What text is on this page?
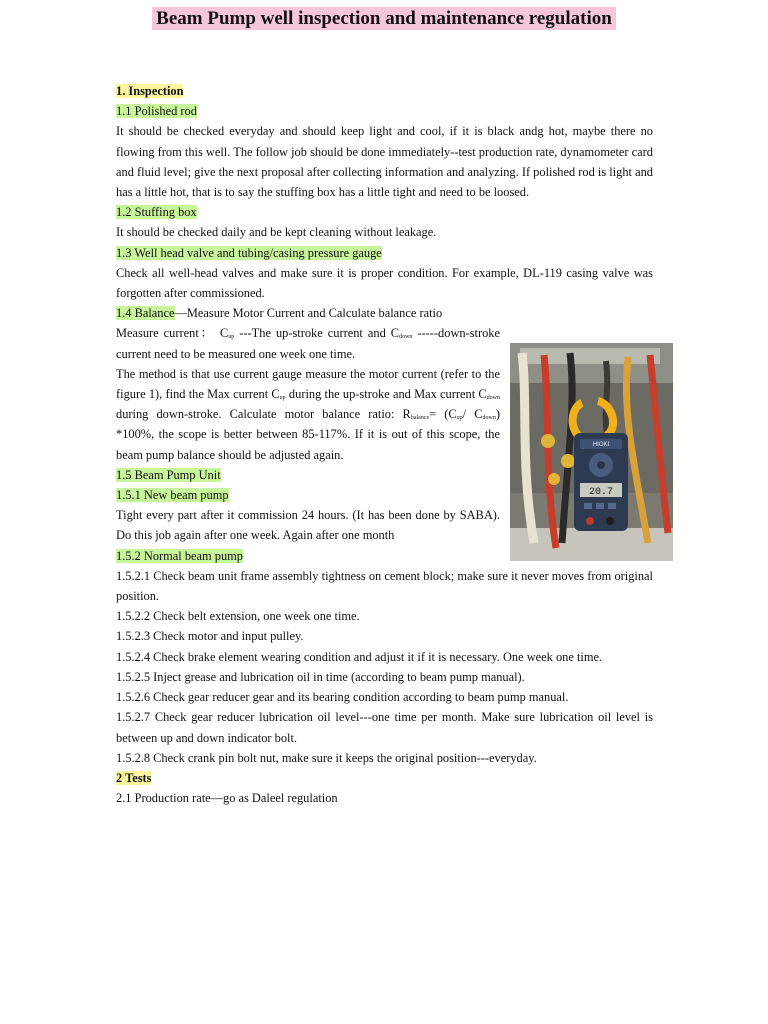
Beam Pump well inspection and maintenance regulation
1. Inspection
1.1 Polished rod
It should be checked everyday and should keep light and cool, if it is black andg hot, maybe there no flowing from this well. The follow job should be done immediately--test production rate, dynamometer card and fluid level; give the next proposal after collecting information and analyzing. If polished rod is light and has a little hot, that is to say the stuffing box has a little tight and need to be loosed.
1.2 Stuffing box
It should be checked daily and be kept cleaning without leakage.
1.3 Well head valve and tubing/casing pressure gauge
Check all well-head valves and make sure it is proper condition. For example, DL-119 casing valve was forgotten after commissioned.
1.4 Balance—Measure Motor Current and Calculate balance ratio
Measure current： $C_{up}$ ---The up-stroke current and $C_{down}$ -----down-stroke current need to be measured one week one time.
The method is that use current gauge measure the motor current (refer to the figure 1), find the Max current $C_{up}$ during the up-stroke and Max current $C_{down}$ during down-stroke. Calculate motor balance ratio: $R_{balance}= (C_{up}/$ $C_{down}$) *100%, the scope is better between 85-117%. If it is out of this scope, the beam pump balance should be adjusted again.
1.5 Beam Pump Unit
1.5.1 New beam pump
Tight every part after it commission 24 hours. (It has been done by SABA). Do this job again after one week. Again after one month
1.5.2 Normal beam pump
1.5.2.1 Check beam unit frame assembly tightness on cement block; make sure it never moves from original position.
1.5.2.2 Check belt extension, one week one time.
1.5.2.3 Check motor and input pulley.
1.5.2.4 Check brake element wearing condition and adjust it if it is necessary. One week one time.
1.5.2.5 Inject grease and lubrication oil in time (according to beam pump manual).
1.5.2.6 Check gear reducer gear and its bearing condition according to beam pump manual.
1.5.2.7 Check gear reducer lubrication oil level---one time per month. Make sure lubrication oil level is between up and down indicator bolt.
1.5.2.8 Check crank pin bolt nut, make sure it keeps the original position---everyday.
2 Tests
2.1 Production rate—go as Daleel regulation
HIOKI
20.7
